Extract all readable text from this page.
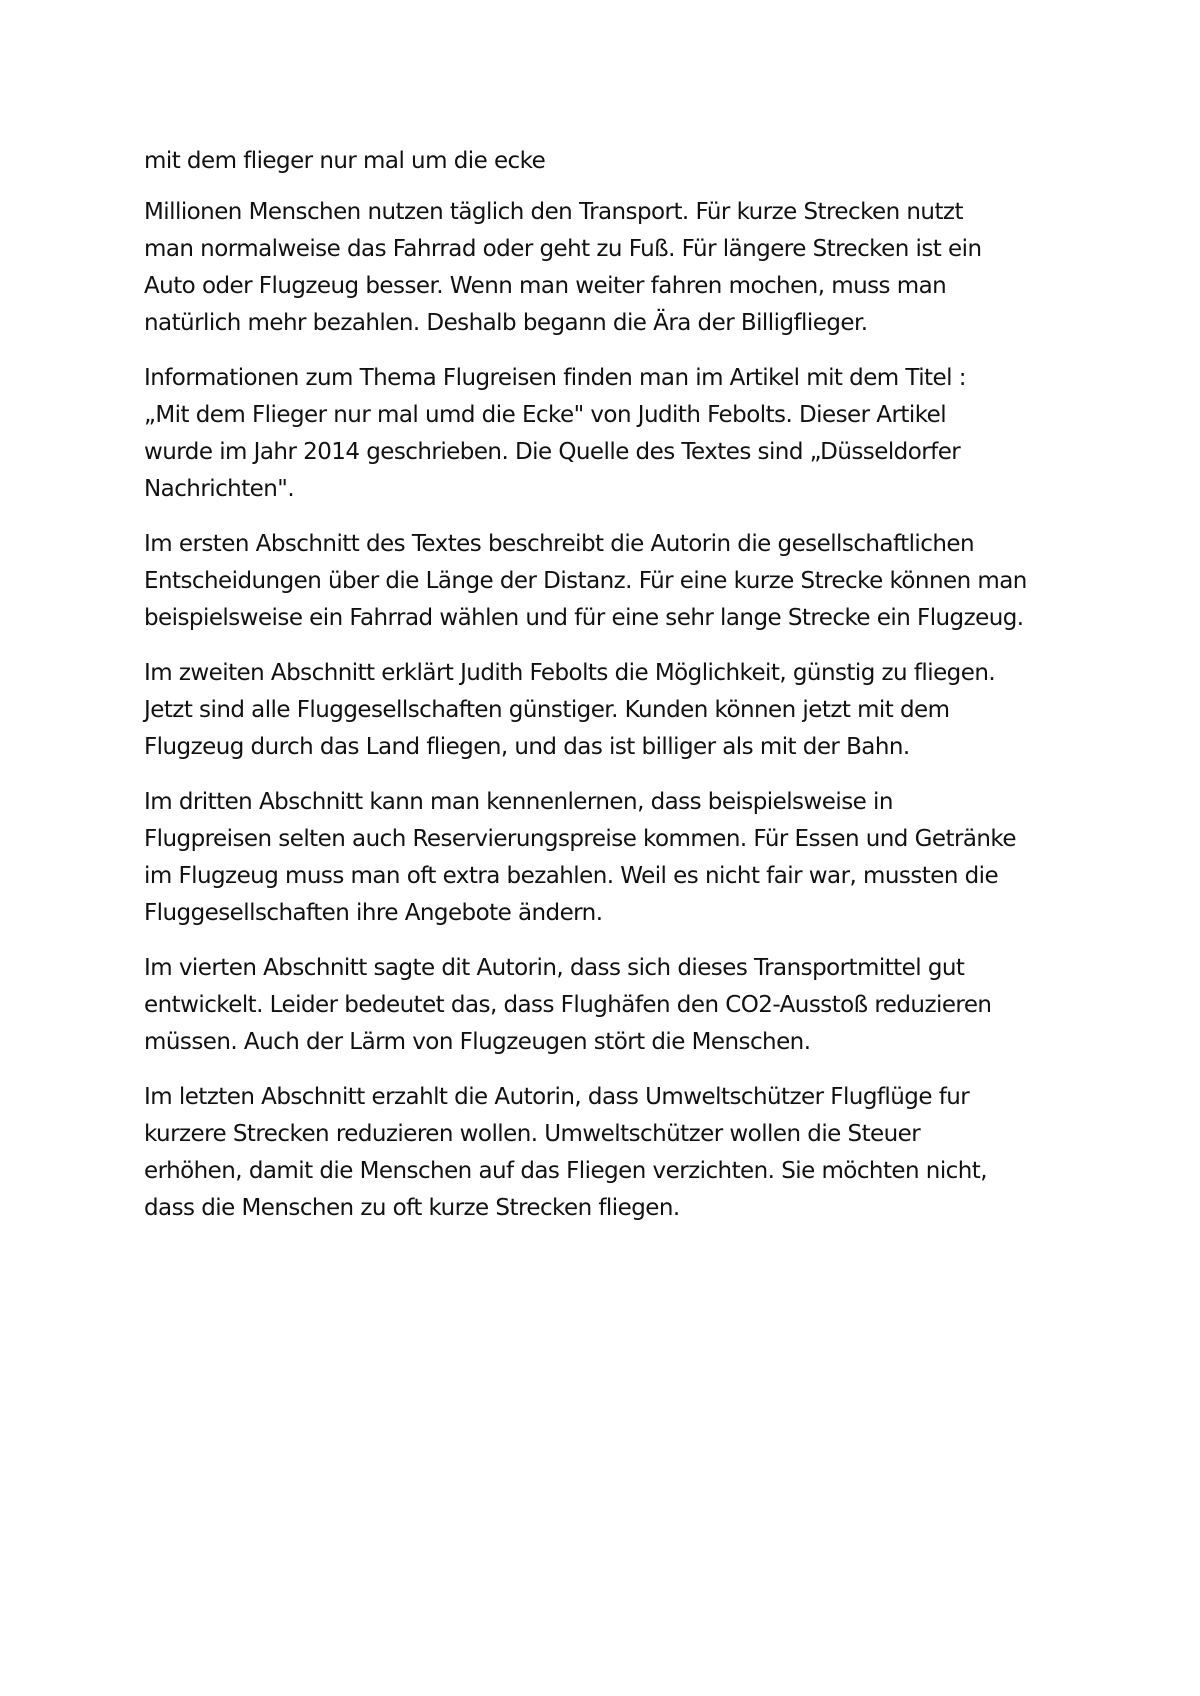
mit dem flieger nur mal um die ecke

Millionen Menschen nutzen täglich den Transport. Für kurze Strecken nutzt
man normalweise das Fahrrad oder geht zu Fuß. Für längere Strecken ist ein
Auto oder Flugzeug besser. Wenn man weiter fahren mochen, muss man
natürlich mehr bezahlen. Deshalb begann die Ära der Billigflieger.

Informationen zum Thema Flugreisen finden man im Artikel mit dem Titel :
„Mit dem Flieger nur mal umd die Ecke" von Judith Febolts. Dieser Artikel
wurde im Jahr 2014 geschrieben. Die Quelle des Textes sind „Düsseldorfer
Nachrichten".

Im ersten Abschnitt des Textes beschreibt die Autorin die gesellschaftlichen
Entscheidungen über die Länge der Distanz. Für eine kurze Strecke können man
beispielsweise ein Fahrrad wählen und für eine sehr lange Strecke ein Flugzeug.

Im zweiten Abschnitt erklärt Judith Febolts die Möglichkeit, günstig zu fliegen.
Jetzt sind alle Fluggesellschaften günstiger. Kunden können jetzt mit dem
Flugzeug durch das Land fliegen, und das ist billiger als mit der Bahn.

Im dritten Abschnitt kann man kennenlernen, dass beispielsweise in
Flugpreisen selten auch Reservierungspreise kommen. Für Essen und Getränke
im Flugzeug muss man oft extra bezahlen. Weil es nicht fair war, mussten die
Fluggesellschaften ihre Angebote ändern.

Im vierten Abschnitt sagte dit Autorin, dass sich dieses Transportmittel gut
entwickelt. Leider bedeutet das, dass Flughäfen den CO2-Ausstoß reduzieren
müssen. Auch der Lärm von Flugzeugen stört die Menschen.

Im letzten Abschnitt erzahlt die Autorin, dass Umweltschützer Flugflüge fur
kurzere Strecken reduzieren wollen. Umweltschützer wollen die Steuer
erhöhen, damit die Menschen auf das Fliegen verzichten. Sie möchten nicht,
dass die Menschen zu oft kurze Strecken fliegen.
